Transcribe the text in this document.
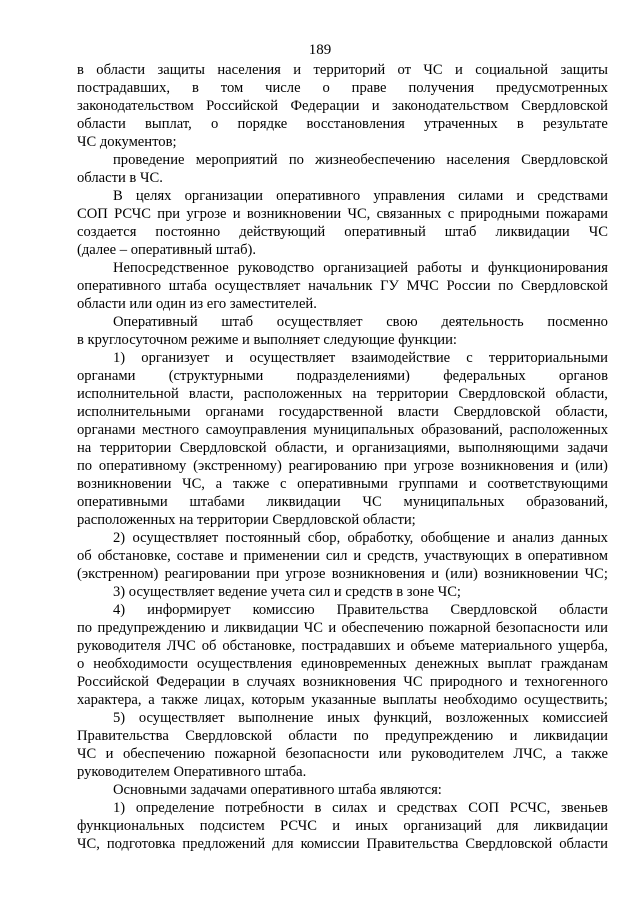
189
в области защиты населения и территорий от ЧС и социальной защиты
пострадавших, в том числе о праве получения предусмотренных
законодательством Российской Федерации и законодательством Свердловской
области выплат, о порядке восстановления утраченных в результате
ЧС документов;
проведение мероприятий по жизнеобеспечению населения Свердловской
области в ЧС.
В целях организации оперативного управления силами и средствами
СОП РСЧС при угрозе и возникновении ЧС, связанных с природными пожарами
создается постоянно действующий оперативный штаб ликвидации ЧС
(далее – оперативный штаб).
Непосредственное руководство организацией работы и функционирования
оперативного штаба осуществляет начальник ГУ МЧС России по Свердловской
области или один из его заместителей.
Оперативный штаб осуществляет свою деятельность посменно
в круглосуточном режиме и выполняет следующие функции:
1) организует и осуществляет взаимодействие с территориальными
органами (структурными подразделениями) федеральных органов
исполнительной власти, расположенных на территории Свердловской области,
исполнительными органами государственной власти Свердловской области,
органами местного самоуправления муниципальных образований, расположенных
на территории Свердловской области, и организациями, выполняющими задачи
по оперативному (экстренному) реагированию при угрозе возникновения и (или)
возникновении ЧС, а также с оперативными группами и соответствующими
оперативными штабами ликвидации ЧС муниципальных образований,
расположенных на территории Свердловской области;
2) осуществляет постоянный сбор, обработку, обобщение и анализ данных
об обстановке, составе и применении сил и средств, участвующих в оперативном
(экстренном) реагировании при угрозе возникновения и (или) возникновении ЧС;
3) осуществляет ведение учета сил и средств в зоне ЧС;
4) информирует комиссию Правительства Свердловской области
по предупреждению и ликвидации ЧС и обеспечению пожарной безопасности или
руководителя ЛЧС об обстановке, пострадавших и объеме материального ущерба,
о необходимости осуществления единовременных денежных выплат гражданам
Российской Федерации в случаях возникновения ЧС природного и техногенного
характера, а также лицах, которым указанные выплаты необходимо осуществить;
5) осуществляет выполнение иных функций, возложенных комиссией
Правительства Свердловской области по предупреждению и ликвидации
ЧС и обеспечению пожарной безопасности или руководителем ЛЧС, а также
руководителем Оперативного штаба.
Основными задачами оперативного штаба являются:
1) определение потребности в силах и средствах СОП РСЧС, звеньев
функциональных подсистем РСЧС и иных организаций для ликвидации
ЧС, подготовка предложений для комиссии Правительства Свердловской области
